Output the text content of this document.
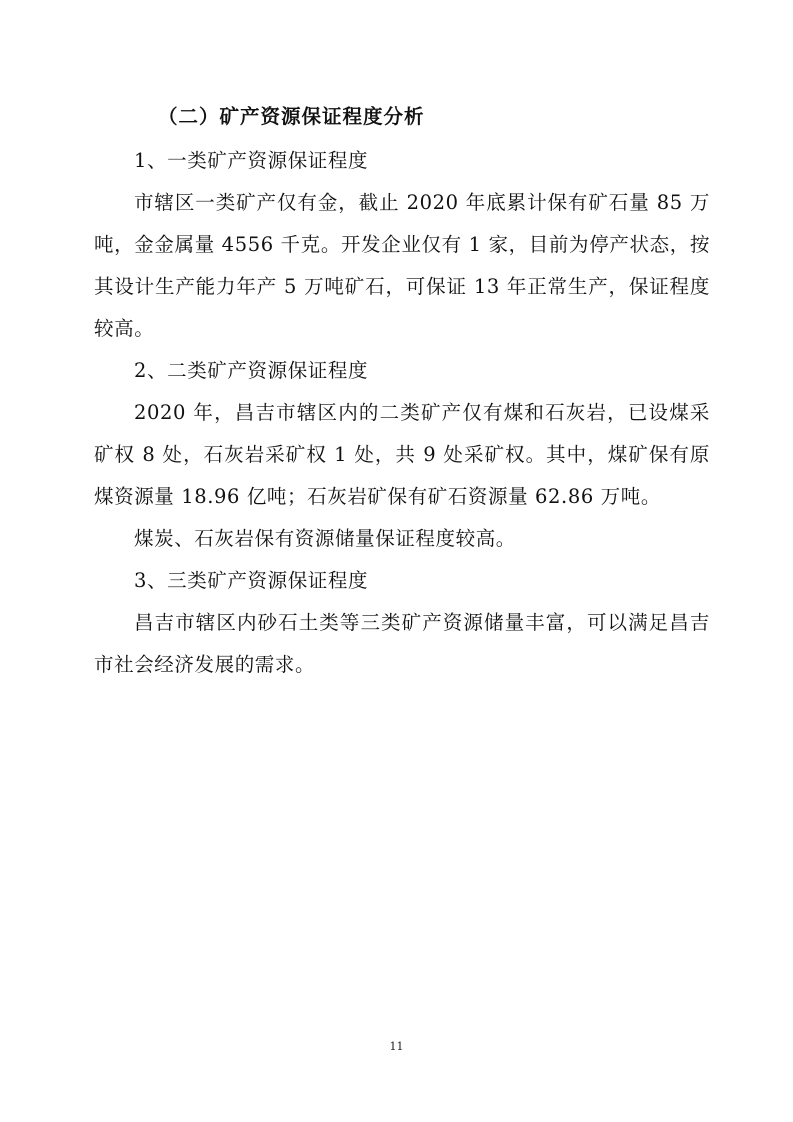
（二）矿产资源保证程度分析

1、一类矿产资源保证程度

市辖区一类矿产仅有金，截止 2020 年底累计保有矿石量 85 万吨，金金属量 4556 千克。开发企业仅有 1 家，目前为停产状态，按其设计生产能力年产 5 万吨矿石，可保证 13 年正常生产，保证程度较高。

2、二类矿产资源保证程度

2020 年，昌吉市辖区内的二类矿产仅有煤和石灰岩，已设煤采矿权 8 处，石灰岩采矿权 1 处，共 9 处采矿权。其中，煤矿保有原煤资源量 18.96 亿吨；石灰岩矿保有矿石资源量 62.86 万吨。

煤炭、石灰岩保有资源储量保证程度较高。

3、三类矿产资源保证程度

昌吉市辖区内砂石土类等三类矿产资源储量丰富，可以满足昌吉市社会经济发展的需求。

11
